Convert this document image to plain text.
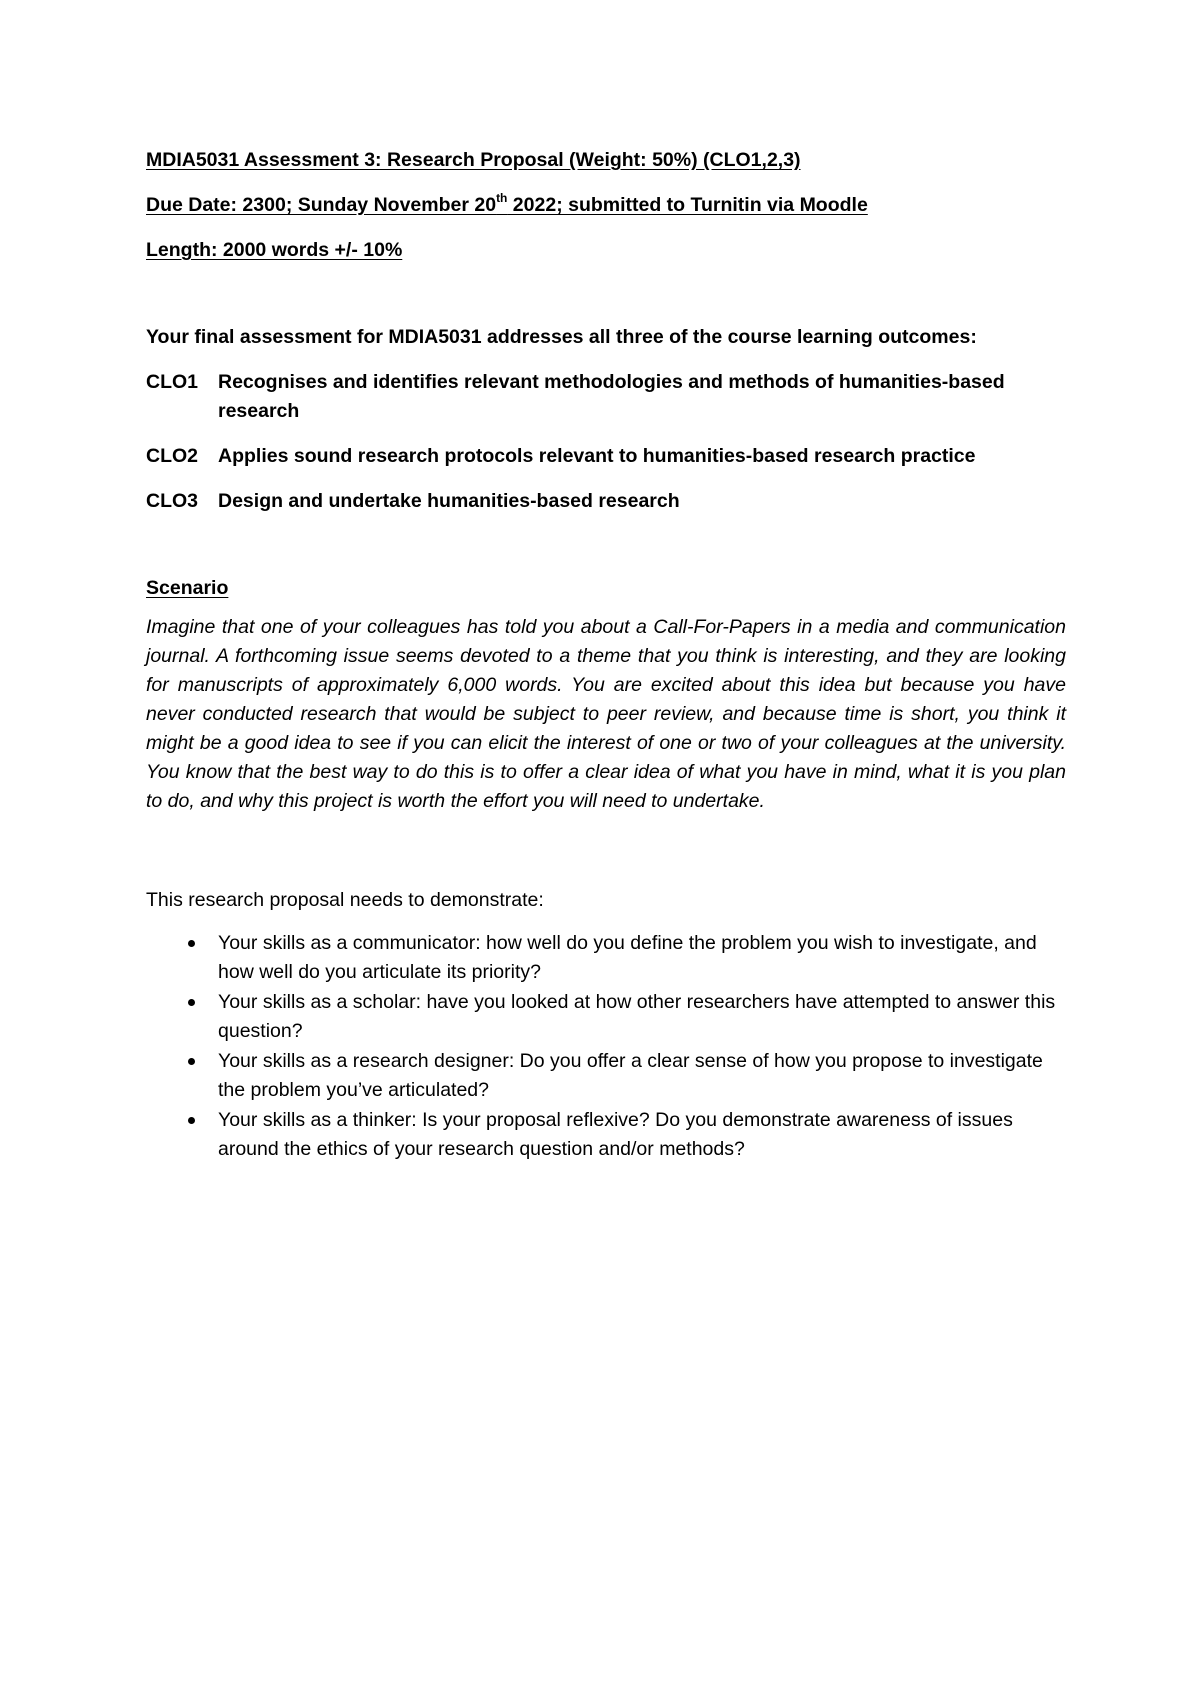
MDIA5031 Assessment 3: Research Proposal (Weight: 50%) (CLO1,2,3)
Due Date: 2300; Sunday November 20th 2022; submitted to Turnitin via Moodle
Length: 2000 words +/- 10%
Your final assessment for MDIA5031 addresses all three of the course learning outcomes:
CLO1	Recognises and identifies relevant methodologies and methods of humanities-based research
CLO2	Applies sound research protocols relevant to humanities-based research practice
CLO3	Design and undertake humanities-based research
Scenario

Imagine that one of your colleagues has told you about a Call-For-Papers in a media and communication journal. A forthcoming issue seems devoted to a theme that you think is interesting, and they are looking for manuscripts of approximately 6,000 words. You are excited about this idea but because you have never conducted research that would be subject to peer review, and because time is short, you think it might be a good idea to see if you can elicit the interest of one or two of your colleagues at the university. You know that the best way to do this is to offer a clear idea of what you have in mind, what it is you plan to do, and why this project is worth the effort you will need to undertake.

This research proposal needs to demonstrate:
Your skills as a communicator: how well do you define the problem you wish to investigate, and how well do you articulate its priority?
Your skills as a scholar: have you looked at how other researchers have attempted to answer this question?
Your skills as a research designer: Do you offer a clear sense of how you propose to investigate the problem you’ve articulated?
Your skills as a thinker: Is your proposal reflexive? Do you demonstrate awareness of issues around the ethics of your research question and/or methods?
